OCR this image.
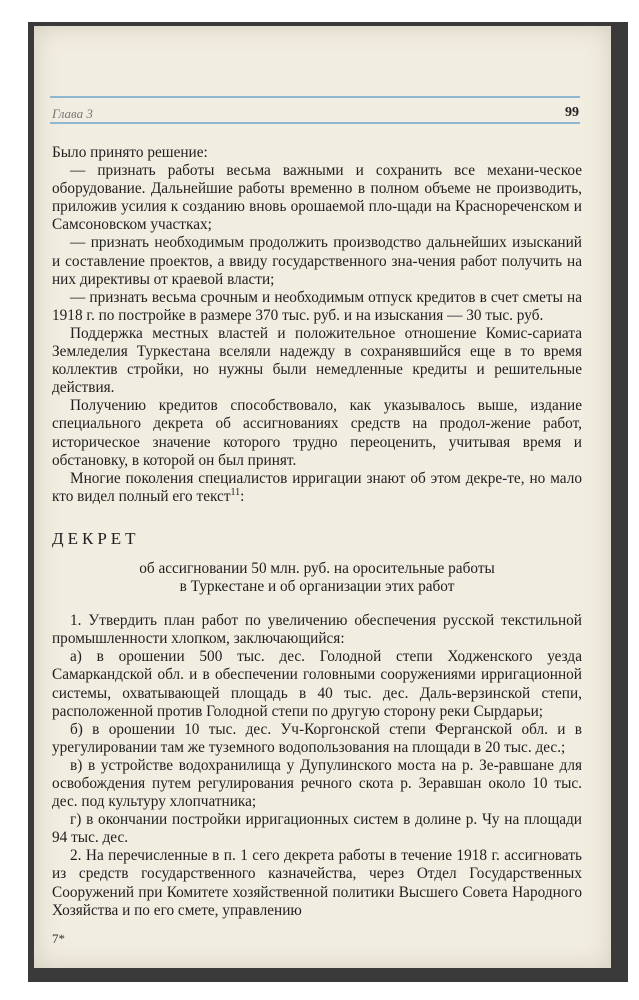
Глава 3	99

Было принято решение:

— признать работы весьма важными и сохранить все механи-ческое оборудование. Дальнейшие работы временно в полном объеме не производить, приложив усилия к созданию вновь орошаемой пло-щади на Краснореченском и Самсоновском участках;

— признать необходимым продолжить производство дальнейших изысканий и составление проектов, а ввиду государственного зна-чения работ получить на них директивы от краевой власти;

— признать весьма срочным и необходимым отпуск кредитов в счет сметы на 1918 г. по постройке в размере 370 тыс. руб. и на изыскания — 30 тыс. руб.

Поддержка местных властей и положительное отношение Комис-сариата Земледелия Туркестана вселяли надежду в сохранявшийся еще в то время коллектив стройки, но нужны были немедленные кредиты и решительные действия.

Получению кредитов способствовало, как указывалось выше, издание специального декрета об ассигнованиях средств на продол-жение работ, историческое значение которого трудно переоценить, учитывая время и обстановку, в которой он был принят.

Многие поколения специалистов ирригации знают об этом декре-те, но мало кто видел полный его текст$^{11}$:

ДЕКРЕТ

об ассигновании 50 млн. руб. на оросительные работы
в Туркестане и об организации этих работ

1. Утвердить план работ по увеличению обеспечения русской текстильной промышленности хлопком, заключающийся:

а) в орошении 500 тыс. дес. Голодной степи Ходженского уезда Самаркандской обл. и в обеспечении головными сооружениями ирригационной системы, охватывающей площадь в 40 тыс. дес. Даль-верзинской степи, расположенной против Голодной степи по другую сторону реки Сырдарьи;

б) в орошении 10 тыс. дес. Уч-Коргонской степи Ферганской обл. и в урегулировании там же туземного водопользования на площади в 20 тыс. дес.;

в) в устройстве водохранилища у Дупулинского моста на р. Зе-равшане для освобождения путем регулирования речного скота р. Зеравшан около 10 тыс. дес. под культуру хлопчатника;

г) в окончании постройки ирригационных систем в долине р. Чу на площади 94 тыс. дес.

2. На перечисленные в п. 1 сего декрета работы в течение 1918 г. ассигновать из средств государственного казначейства, через Отдел Государственных Сооружений при Комитете хозяйственной политики Высшего Совета Народного Хозяйства и по его смете, управлению

7*
